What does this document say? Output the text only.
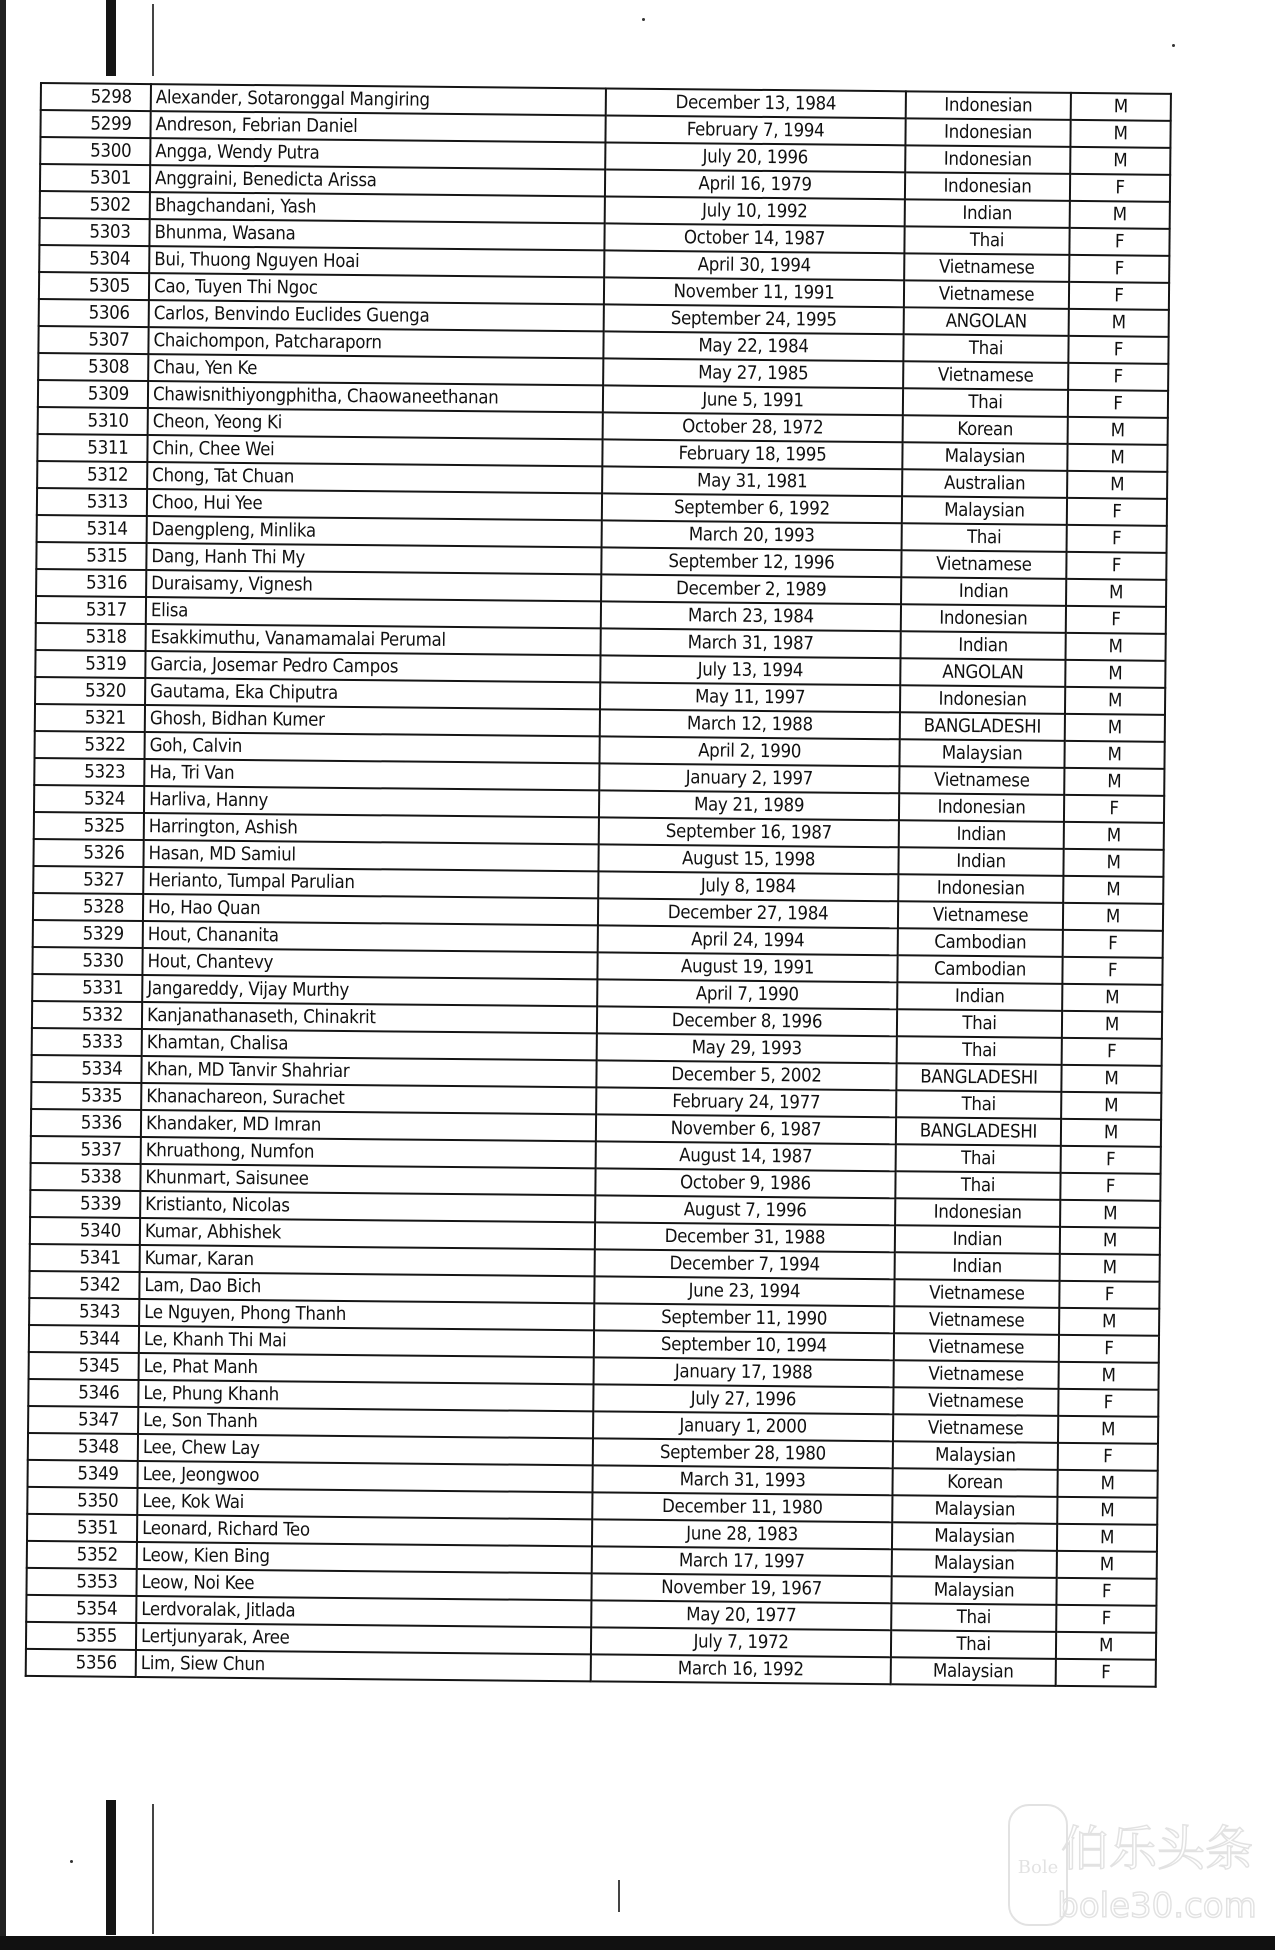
5298	Alexander, Sotaronggal Mangiring	December 13, 1984	Indonesian	M
5299	Andreson, Febrian Daniel	February 7, 1994	Indonesian	M
5300	Angga, Wendy Putra	July 20, 1996	Indonesian	M
5301	Anggraini, Benedicta Arissa	April 16, 1979	Indonesian	F
5302	Bhagchandani, Yash	July 10, 1992	Indian	M
5303	Bhunma, Wasana	October 14, 1987	Thai	F
5304	Bui, Thuong Nguyen Hoai	April 30, 1994	Vietnamese	F
5305	Cao, Tuyen Thi Ngoc	November 11, 1991	Vietnamese	F
5306	Carlos, Benvindo Euclides Guenga	September 24, 1995	ANGOLAN	M
5307	Chaichompon, Patcharaporn	May 22, 1984	Thai	F
5308	Chau, Yen Ke	May 27, 1985	Vietnamese	F
5309	Chawisnithiyongphitha, Chaowaneethanan	June 5, 1991	Thai	F
5310	Cheon, Yeong Ki	October 28, 1972	Korean	M
5311	Chin, Chee Wei	February 18, 1995	Malaysian	M
5312	Chong, Tat Chuan	May 31, 1981	Australian	M
5313	Choo, Hui Yee	September 6, 1992	Malaysian	F
5314	Daengpleng, Minlika	March 20, 1993	Thai	F
5315	Dang, Hanh Thi My	September 12, 1996	Vietnamese	F
5316	Duraisamy, Vignesh	December 2, 1989	Indian	M
5317	Elisa	March 23, 1984	Indonesian	F
5318	Esakkimuthu, Vanamamalai Perumal	March 31, 1987	Indian	M
5319	Garcia, Josemar Pedro Campos	July 13, 1994	ANGOLAN	M
5320	Gautama, Eka Chiputra	May 11, 1997	Indonesian	M
5321	Ghosh, Bidhan Kumer	March 12, 1988	BANGLADESHI	M
5322	Goh, Calvin	April 2, 1990	Malaysian	M
5323	Ha, Tri Van	January 2, 1997	Vietnamese	M
5324	Harliva, Hanny	May 21, 1989	Indonesian	F
5325	Harrington, Ashish	September 16, 1987	Indian	M
5326	Hasan, MD Samiul	August 15, 1998	Indian	M
5327	Herianto, Tumpal Parulian	July 8, 1984	Indonesian	M
5328	Ho, Hao Quan	December 27, 1984	Vietnamese	M
5329	Hout, Chananita	April 24, 1994	Cambodian	F
5330	Hout, Chantevy	August 19, 1991	Cambodian	F
5331	Jangareddy, Vijay Murthy	April 7, 1990	Indian	M
5332	Kanjanathanaseth, Chinakrit	December 8, 1996	Thai	M
5333	Khamtan, Chalisa	May 29, 1993	Thai	F
5334	Khan, MD Tanvir Shahriar	December 5, 2002	BANGLADESHI	M
5335	Khanachareon, Surachet	February 24, 1977	Thai	M
5336	Khandaker, MD Imran	November 6, 1987	BANGLADESHI	M
5337	Khruathong, Numfon	August 14, 1987	Thai	F
5338	Khunmart, Saisunee	October 9, 1986	Thai	F
5339	Kristianto, Nicolas	August 7, 1996	Indonesian	M
5340	Kumar, Abhishek	December 31, 1988	Indian	M
5341	Kumar, Karan	December 7, 1994	Indian	M
5342	Lam, Dao Bich	June 23, 1994	Vietnamese	F
5343	Le Nguyen, Phong Thanh	September 11, 1990	Vietnamese	M
5344	Le, Khanh Thi Mai	September 10, 1994	Vietnamese	F
5345	Le, Phat Manh	January 17, 1988	Vietnamese	M
5346	Le, Phung Khanh	July 27, 1996	Vietnamese	F
5347	Le, Son Thanh	January 1, 2000	Vietnamese	M
5348	Lee, Chew Lay	September 28, 1980	Malaysian	F
5349	Lee, Jeongwoo	March 31, 1993	Korean	M
5350	Lee, Kok Wai	December 11, 1980	Malaysian	M
5351	Leonard, Richard Teo	June 28, 1983	Malaysian	M
5352	Leow, Kien Bing	March 17, 1997	Malaysian	M
5353	Leow, Noi Kee	November 19, 1967	Malaysian	F
5354	Lerdvoralak, Jitlada	May 20, 1977	Thai	F
5355	Lertjunyarak, Aree	July 7, 1972	Thai	M
5356	Lim, Siew Chun	March 16, 1992	Malaysian	F
Bole 伯乐头条
bole30.com
